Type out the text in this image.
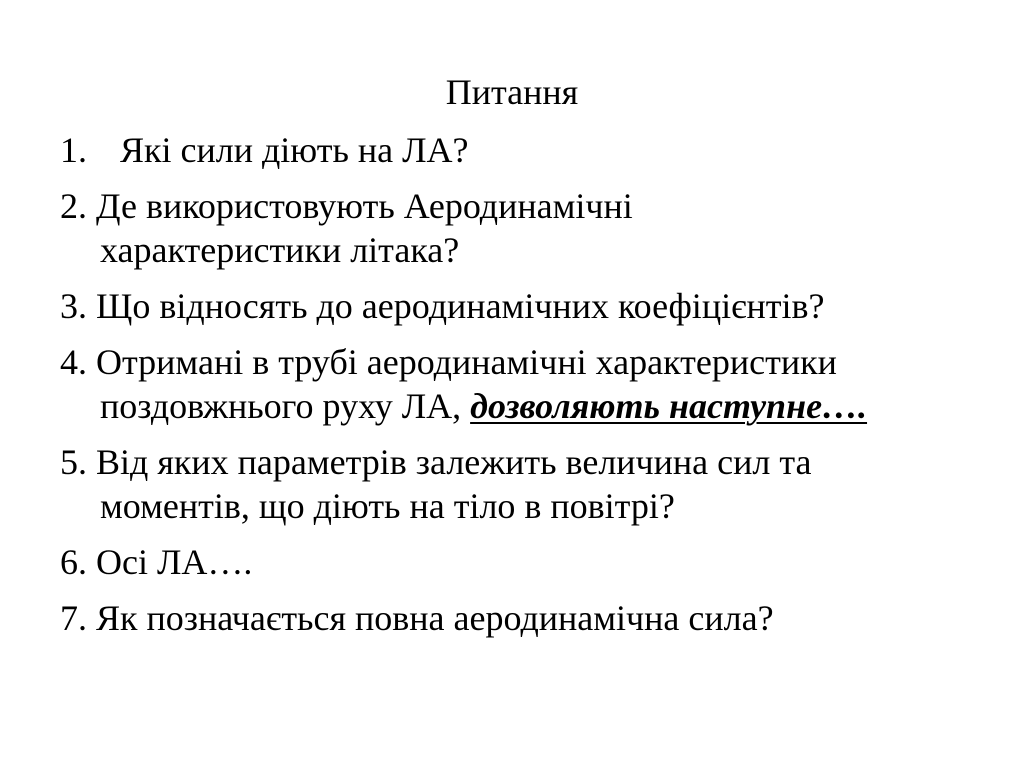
Питання
1. Які сили діють на ЛА?
2. Де використовують Аеродинамічні
характеристики літака?
3. Що відносять до аеродинамічних коефіцієнтів?
4. Отримані в трубі аеродинамічні характеристики
поздовжнього руху ЛА, дозволяють наступне….
5. Від яких параметрів залежить величина сил та
моментів, що діють на тіло в повітрі?
6. Осі ЛА….
7. Як позначається повна аеродинамічна сила?
